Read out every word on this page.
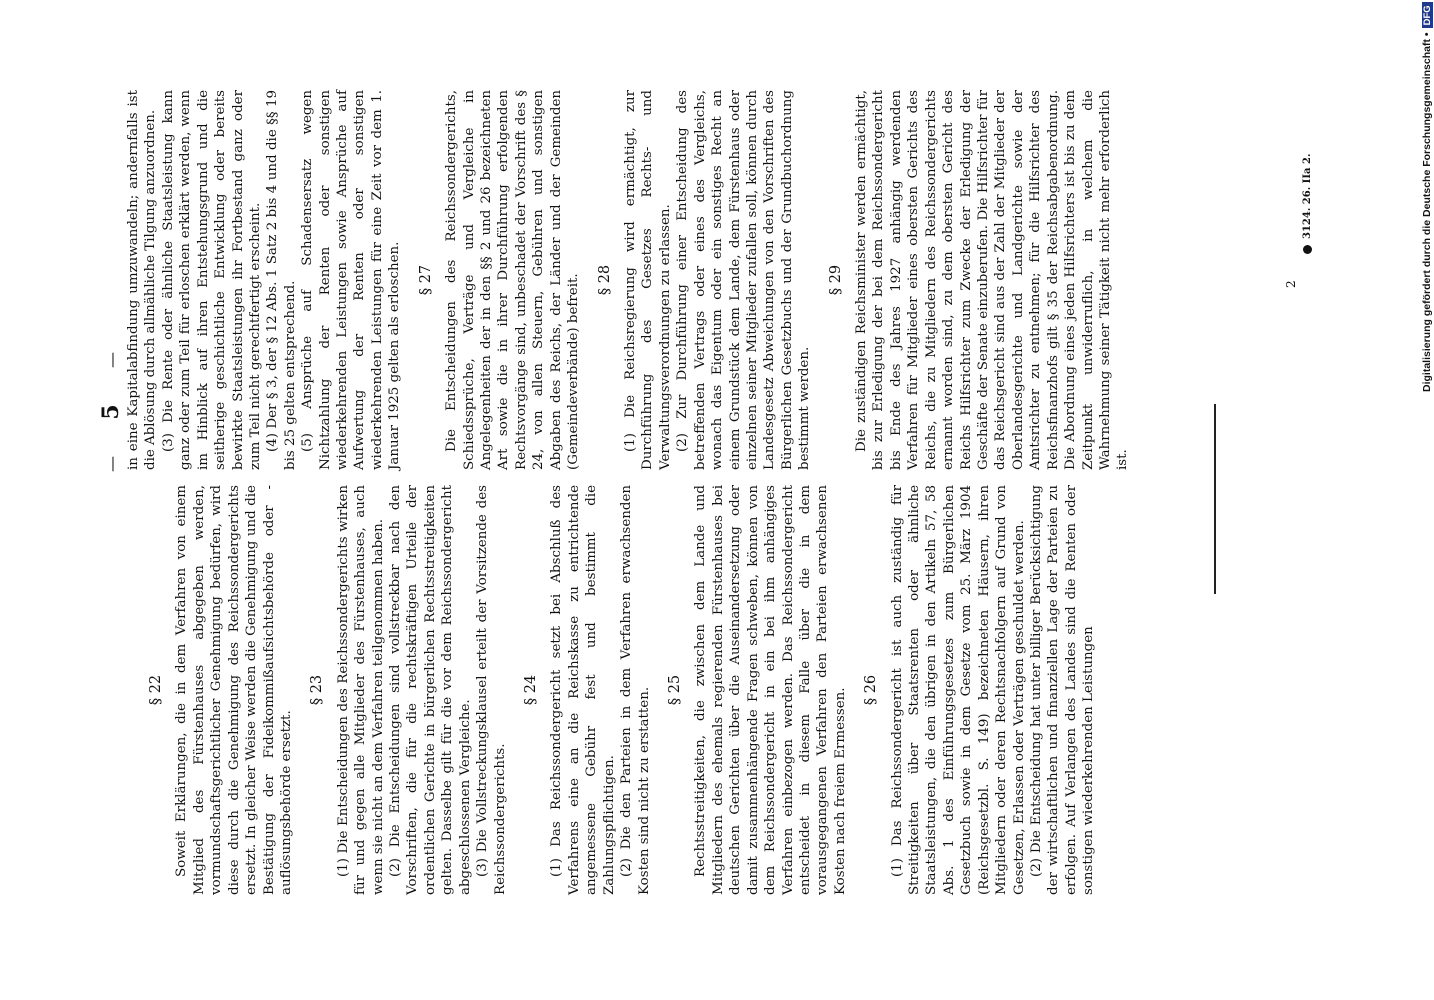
—
5
—
§ 22 Soweit Erklärungen, die in dem Verfahren von einem Mitglied des Fürstenhauses abgegeben werden, vormundschaftsgerichtlicher Genehmigung bedürfen, wird diese durch die Genehmigung des Reichssondergerichts ersetzt. In gleicher Weise werden die Genehmigung und die Bestätigung der Fideikommißaufsichtsbehörde oder -auflösungsbehörde ersetzt.

§ 23 (1) Die Entscheidungen des Reichssondergerichts wirken für und gegen alle Mitglieder des Fürstenhauses, auch wenn sie nicht an dem Verfahren teilgenommen haben. (2) Die Entscheidungen sind vollstreckbar nach den Vorschriften, die für die rechtskräftigen Urteile der ordentlichen Gerichte in bürgerlichen Rechtsstreitigkeiten gelten. Dasselbe gilt für die vor dem Reichssondergericht abgeschlossenen Vergleiche. (3) Die Vollstreckungsklausel erteilt der Vorsitzende des Reichssondergerichts.

§ 24 (1) Das Reichssondergericht setzt bei Abschluß des Verfahrens eine an die Reichskasse zu entrichtende angemessene Gebühr fest und bestimmt die Zahlungspflichtigen. (2) Die den Parteien in dem Verfahren erwachsenden Kosten sind nicht zu erstatten. § 25 Rechtsstreitigkeiten, die zwischen dem Lande und Mitgliedern des ehemals regierenden Fürstenhauses bei deutschen Gerichten über die Auseinandersetzung oder damit zusammenhängende Fragen schweben, können von dem Reichssondergericht in ein bei ihm anhängiges Verfahren einbezogen werden. Das Reichssondergericht entscheidet in diesem Falle über die in dem vorausgegangenen Verfahren den Parteien erwachsenen Kosten nach freiem Ermessen. § 26 (1) Das Reichssondergericht ist auch zuständig für Streitigkeiten über Staatsrenten oder ähnliche Staatsleistungen, die den übrigen in den Artikeln 57, 58 Abs. 1 des Einführungsgesetzes zum Bürgerlichen Gesetzbuch sowie in dem Gesetze vom 25. März 1904 (Reichsgesetzbl. S. 149) bezeichneten Häusern, ihren Mitgliedern oder deren Rechtsnachfolgern auf Grund von Gesetzen, Erlassen oder Verträgen geschuldet werden. (2) Die Entscheidung hat unter billiger Berücksichtigung der wirtschaftlichen und finanziellen Lage der Parteien zu erfolgen. Auf Verlangen des Landes sind die Renten oder sonstigen wiederkehrenden Leistungen

in eine Kapitalabfindung umzuwandeln; andernfalls ist die Ablösung durch allmähliche Tilgung anzuordnen. (3) Die Rente oder ähnliche Staatsleistung kann ganz oder zum Teil für erloschen erklärt werden, wenn im Hinblick auf ihren Entstehungsgrund und die seitherige geschichtliche Entwicklung oder bereits bewirkte Staatsleistungen ihr Fortbestand ganz oder zum Teil nicht gerechtfertigt erscheint. (4) Der § 3, der § 12 Abs. 1 Satz 2 bis 4 und die §§ 19 bis 25 gelten entsprechend. (5) Ansprüche auf Schadensersatz wegen Nichtzahlung der Renten oder sonstigen wiederkehrenden Leistungen sowie Ansprüche auf Aufwertung der Renten oder sonstigen wiederkehrenden Leistungen für eine Zeit vor dem 1. Januar 1925 gelten als erloschen. § 27 Die Entscheidungen des Reichssondergerichts, Schiedssprüche, Verträge und Vergleiche in Angelegenheiten der in den §§ 2 und 26 bezeichneten Art sowie die in ihrer Durchführung erfolgenden Rechtsvorgänge sind, unbeschadet der Vorschrift des § 24, von allen Steuern, Gebühren und sonstigen Abgaben des Reichs, der Länder und der Gemeinden (Gemeindeverbände) befreit. § 28 (1) Die Reichsregierung wird ermächtigt, zur Durchführung des Gesetzes Rechts- und Verwaltungsverordnungen zu erlassen. (2) Zur Durchführung einer Entscheidung des betreffenden Vertrags oder eines des Vergleichs, wonach das Eigentum oder ein sonstiges Recht an einem Grundstück dem Lande, dem Fürstenhaus oder einzelnen seiner Mitglieder zufallen soll, können durch Landesgesetz Abweichungen von den Vorschriften des Bürgerlichen Gesetzbuchs und der Grundbuchordnung bestimmt werden.

§ 29 Die zuständigen Reichsminister werden ermächtigt, bis zur Erledigung der bei dem Reichssondergericht bis Ende des Jahres 1927 anhängig werdenden Verfahren für Mitglieder eines obersten Gerichts des Reichs, die zu Mitgliedern des Reichssondergerichts ernannt worden sind, zu dem obersten Gericht des Reichs Hilfsrichter zum Zwecke der Erledigung der Geschäfte der Senate einzuberufen. Die Hilfsrichter für das Reichsgericht sind aus der Zahl der Mitglieder der Oberlandesgerichte und Landgerichte sowie der Amtsrichter zu entnehmen; für die Hilfsrichter des Reichsfinanzhofs gilt § 35 der Reichsabgabenordnung. Die Abordnung eines jeden Hilfsrichters ist bis zu dem Zeitpunkt unwiderruflich, in welchem die Wahrnehmung seiner Tätigkeit nicht mehr erforderlich ist.

2
3124. 26. IIa 2.	Digitalisierung gefördert durch die Deutsche Forschungsgemeinschaft •
DFG
